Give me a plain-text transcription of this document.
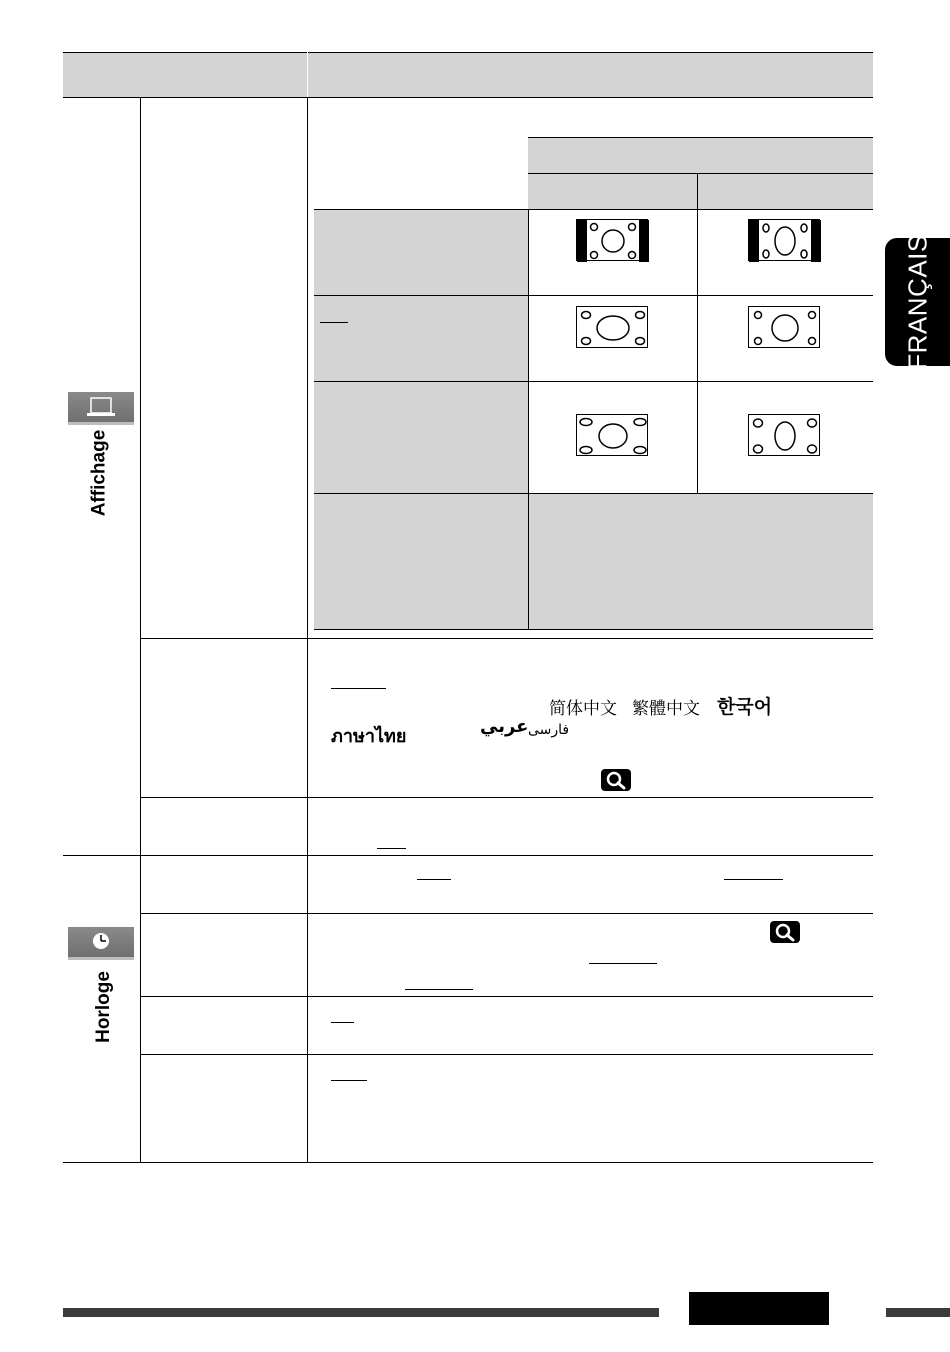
FRANÇAIS
简体中文 繁體中文 한국어
ภาษาไทย	عربي فارسی
Affichage
Horloge
